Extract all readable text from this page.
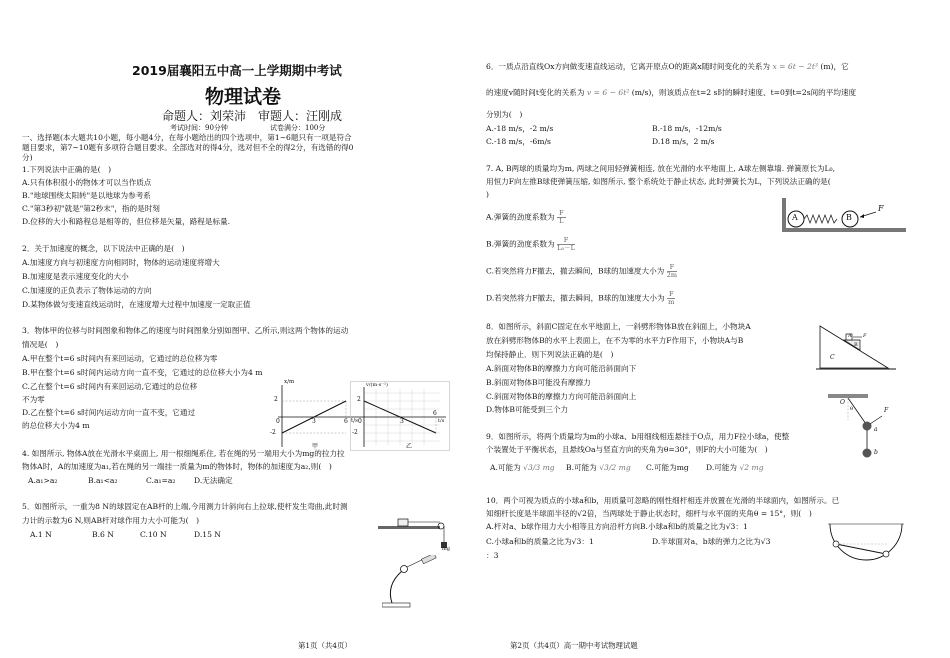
2019届襄阳五中高一上学期期中考试
物理试卷
命题人：刘荣沛　审题人：汪刚成
考试时间：90分钟	试卷满分：100分
一、选择题(本大题共10小题，每小题4分，在每小题给出的四个选项中，第1~6题只有一项是符合
题目要求，第7~10题有多项符合题目要求。全部选对的得4分，选对但不全的得2分，有选错的得0
分)
1.下列说法中正确的是(　)
A.只有体积很小的物体才可以当作质点
B."地球围绕太阳转"是以地球为参考系
C."第3秒初"就是"第2秒末"，指的是时刻
D.位移的大小和路程总是相等的，但位移是矢量，路程是标量.
2．关于加速度的概念，以下说法中正确的是(　)
A.加速度方向与初速度方向相同时，物体的运动速度将增大
B.加速度是表示速度变化的大小
C.加速度的正负表示了物体运动的方向
D.某物体做匀变速直线运动时，在速度增大过程中加速度一定取正值
3．物体甲的位移与时间图象和物体乙的速度与时间图象分别如图甲、乙所示,则这两个物体的运动
情况是(　)
A.甲在整个t=6 s时间内有来回运动，它通过的总位移为零
B.甲在整个t=6 s时间内运动方向一直不变，它通过的总位移大小为4 m
C.乙在整个t=6 s时间内有来回运动,它通过的总位移
不为零
D.乙在整个t=6 s时间内运动方向一直不变，它通过
的总位移大小为4 m
x/m
t/s
2
-2
0	3	6
甲
v/(m·s⁻¹)
t/s
2
-2
0	3
6
乙
4. 如图所示, 物体A放在光滑水平桌面上, 用一根细绳系住, 若在绳的另一端用大小为mg的拉力拉
物体A时，A的加速度为a₁,若在绳的另一端挂一质量为m的物体时，物体的加速度为a₂,则(　)
A.a₁>a₂	B.a₁<a₂	C.a₁=a₂ D.无法确定
5．如图所示，一重为8 N的球固定在AB杆的上端,今用测力计斜向右上拉球,使杆发生弯曲,此时测
力计的示数为6 N,则AB杆对球作用力大小可能为(　)
A.1 N	B.6 N	C.10 N	D.15 N
mg
第1页（共4页）
6．一质点沿直线Ox方向做变速直线运动，它离开原点O的距离x随时间变化的关系为 x = 6t − 2t³ (m)，它
的速度v随时间t变化的关系为 v = 6 − 6t² (m/s)，则该质点在t=2 s时的瞬时速度、t=0到t=2s间的平均速度
分别为(　)
A.-18 m/s，-2 m/s	B.-18 m/s，-12m/s
C.-18 m/s，-6m/s	D.18 m/s，2 m/s
7. A, B两球的质量均为m, 两球之间用轻弹簧相连, 放在光滑的水平地面上, A球左侧靠墙. 弹簧原长为L₀,
用恒力F向左推B球使弹簧压缩, 如图所示, 整个系统处于静止状态, 此时弹簧长为L，下列说法正确的是(
)
A.弹簧的劲度系数为 $\frac{F}{L}$
B.弹簧的劲度系数为 $\frac{F}{\text{L₀－L}}$
C.若突然将力F撤去，撤去瞬间，B球的加速度大小为 $\frac{F}{2m}$
D.若突然将力F撤去，撤去瞬间，B球的加速度大小为 $\frac{F}{m}$
A	B
F
8．如图所示，斜面C固定在水平地面上，一斜劈形物体B放在斜面上，小物块A
放在斜劈形物体B的水平上表面上，在不为零的水平力F作用下，小物块A与B
均保持静止．则下列说法正确的是(　)
A.斜面对物体B的摩擦力方向可能沿斜面向下
B.斜面对物体B可能没有摩擦力
C.斜面对物体B的摩擦力方向可能沿斜面向上
D.物体B可能受到三个力
A
B
C
F
9．如图所示，将两个质量均为m的小球a、b用细线相连悬挂于O点，用力F拉小球a，使整
个装置处于平衡状态，且悬线Oa与竖直方向的夹角为θ=30°，则F的大小可能为(　)
A.可能为 √3/3 mg B.可能为 √3/2 mg C.可能为mg D.可能为 √2 mg
O
θ
a
b
F
10．两个可视为质点的小球a和b，用质量可忽略的刚性细杆相连并放置在光滑的半球面内，如图所示。已
知细杆长度是半球面半径的√2倍，当两球处于静止状态时，细杆与水平面的夹角θ = 15°，则(　)
A.杆对a、b球作用力大小相等且方向沿杆方向B.小球a和b的质量之比为√3：1
C.小球a和b的质量之比为√3：1	D.半球面对a、b球的弹力之比为√3
：3
第2页（共4页）高一期中考试物理试题
